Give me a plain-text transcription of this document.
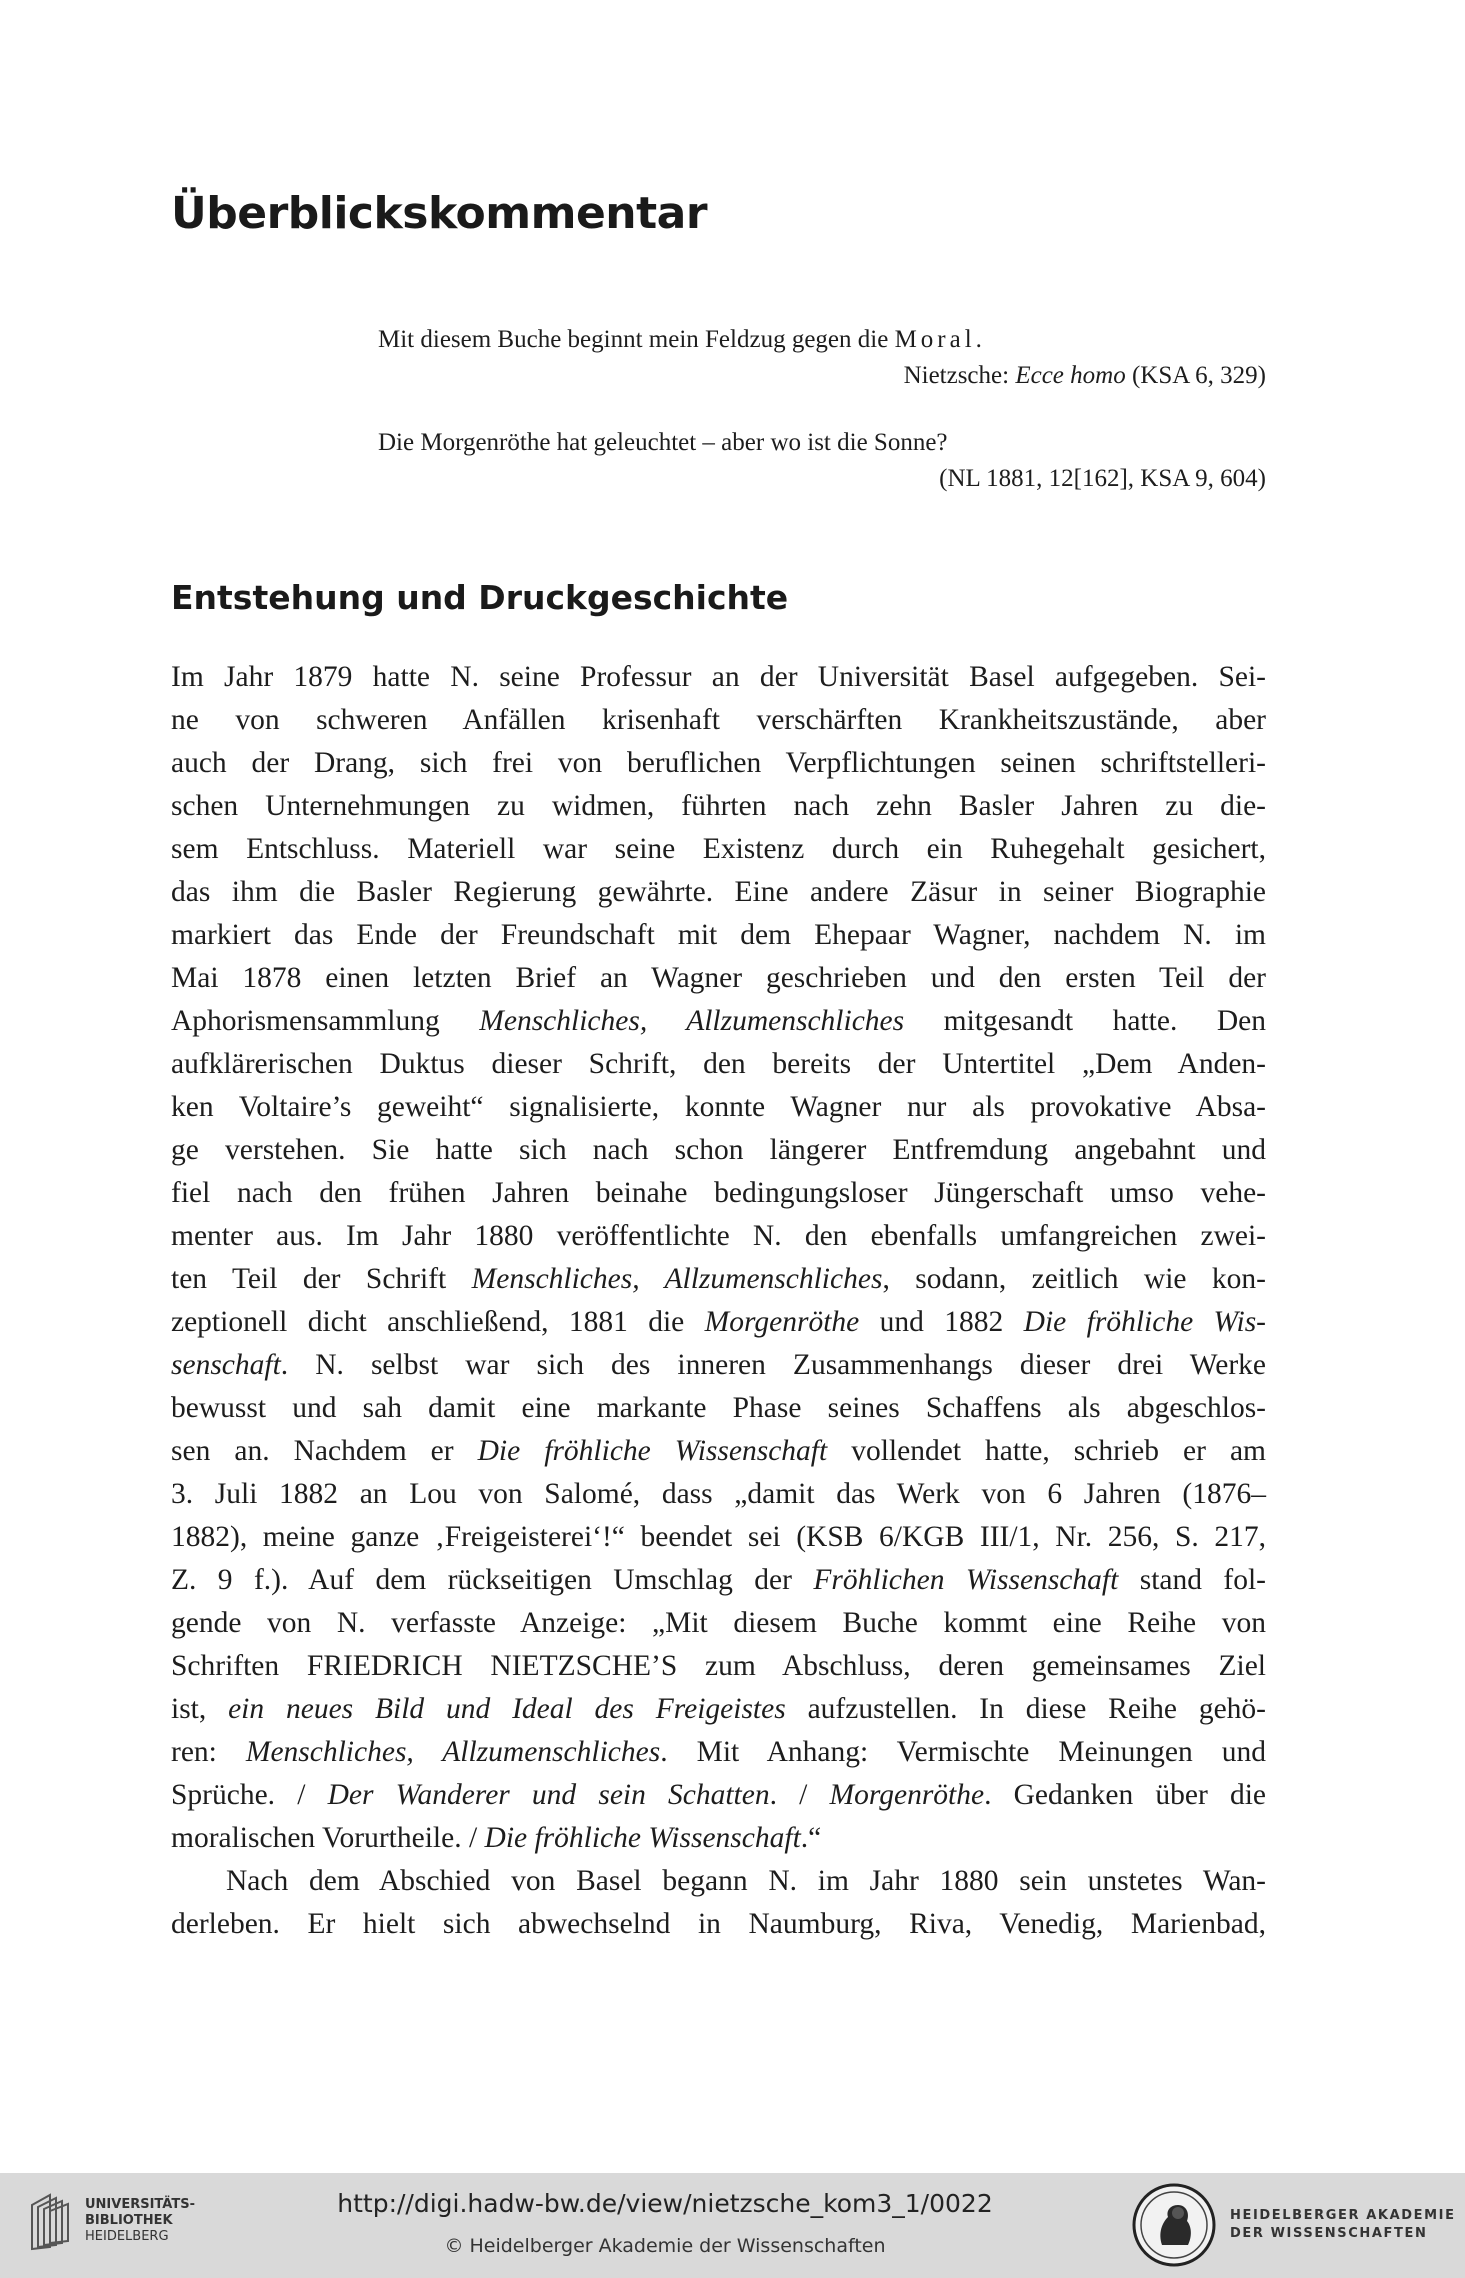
Überblickskommentar
Mit diesem Buche beginnt mein Feldzug gegen die Moral.
Nietzsche: Ecce homo (KSA 6, 329)
Die Morgenröthe hat geleuchtet – aber wo ist die Sonne?
(NL 1881, 12[162], KSA 9, 604)
Entstehung und Druckgeschichte
Im Jahr 1879 hatte N. seine Professur an der Universität Basel aufgegeben. Sei-
ne von schweren Anfällen krisenhaft verschärften Krankheitszustände, aber
auch der Drang, sich frei von beruflichen Verpflichtungen seinen schriftstelleri-
schen Unternehmungen zu widmen, führten nach zehn Basler Jahren zu die-
sem Entschluss. Materiell war seine Existenz durch ein Ruhegehalt gesichert,
das ihm die Basler Regierung gewährte. Eine andere Zäsur in seiner Biographie
markiert das Ende der Freundschaft mit dem Ehepaar Wagner, nachdem N. im
Mai 1878 einen letzten Brief an Wagner geschrieben und den ersten Teil der
Aphorismensammlung Menschliches, Allzumenschliches mitgesandt hatte. Den
aufklärerischen Duktus dieser Schrift, den bereits der Untertitel „Dem Anden-
ken Voltaire’s geweiht“ signalisierte, konnte Wagner nur als provokative Absa-
ge verstehen. Sie hatte sich nach schon längerer Entfremdung angebahnt und
fiel nach den frühen Jahren beinahe bedingungsloser Jüngerschaft umso vehe-
menter aus. Im Jahr 1880 veröffentlichte N. den ebenfalls umfangreichen zwei-
ten Teil der Schrift Menschliches, Allzumenschliches, sodann, zeitlich wie kon-
zeptionell dicht anschließend, 1881 die Morgenröthe und 1882 Die fröhliche Wis-
senschaft. N. selbst war sich des inneren Zusammenhangs dieser drei Werke
bewusst und sah damit eine markante Phase seines Schaffens als abgeschlos-
sen an. Nachdem er Die fröhliche Wissenschaft vollendet hatte, schrieb er am
3. Juli 1882 an Lou von Salomé, dass „damit das Werk von 6 Jahren (1876–
1882), meine ganze ‚Freigeisterei‘!“ beendet sei (KSB 6/KGB III/1, Nr. 256, S. 217,
Z. 9 f.). Auf dem rückseitigen Umschlag der Fröhlichen Wissenschaft stand fol-
gende von N. verfasste Anzeige: „Mit diesem Buche kommt eine Reihe von
Schriften FRIEDRICH NIETZSCHE’S zum Abschluss, deren gemeinsames Ziel
ist, ein neues Bild und Ideal des Freigeistes aufzustellen. In diese Reihe gehö-
ren: Menschliches, Allzumenschliches. Mit Anhang: Vermischte Meinungen und
Sprüche. / Der Wanderer und sein Schatten. / Morgenröthe. Gedanken über die
moralischen Vorurtheile. / Die fröhliche Wissenschaft.“
Nach dem Abschied von Basel begann N. im Jahr 1880 sein unstetes Wan-
derleben. Er hielt sich abwechselnd in Naumburg, Riva, Venedig, Marienbad,
UNIVERSITÄTS-
BIBLIOTHEK
HEIDELBERG
http://digi.hadw-bw.de/view/nietzsche_kom3_1/0022
© Heidelberger Akademie der Wissenschaften
HEIDELBERGER AKADEMIE
DER WISSENSCHAFTEN
